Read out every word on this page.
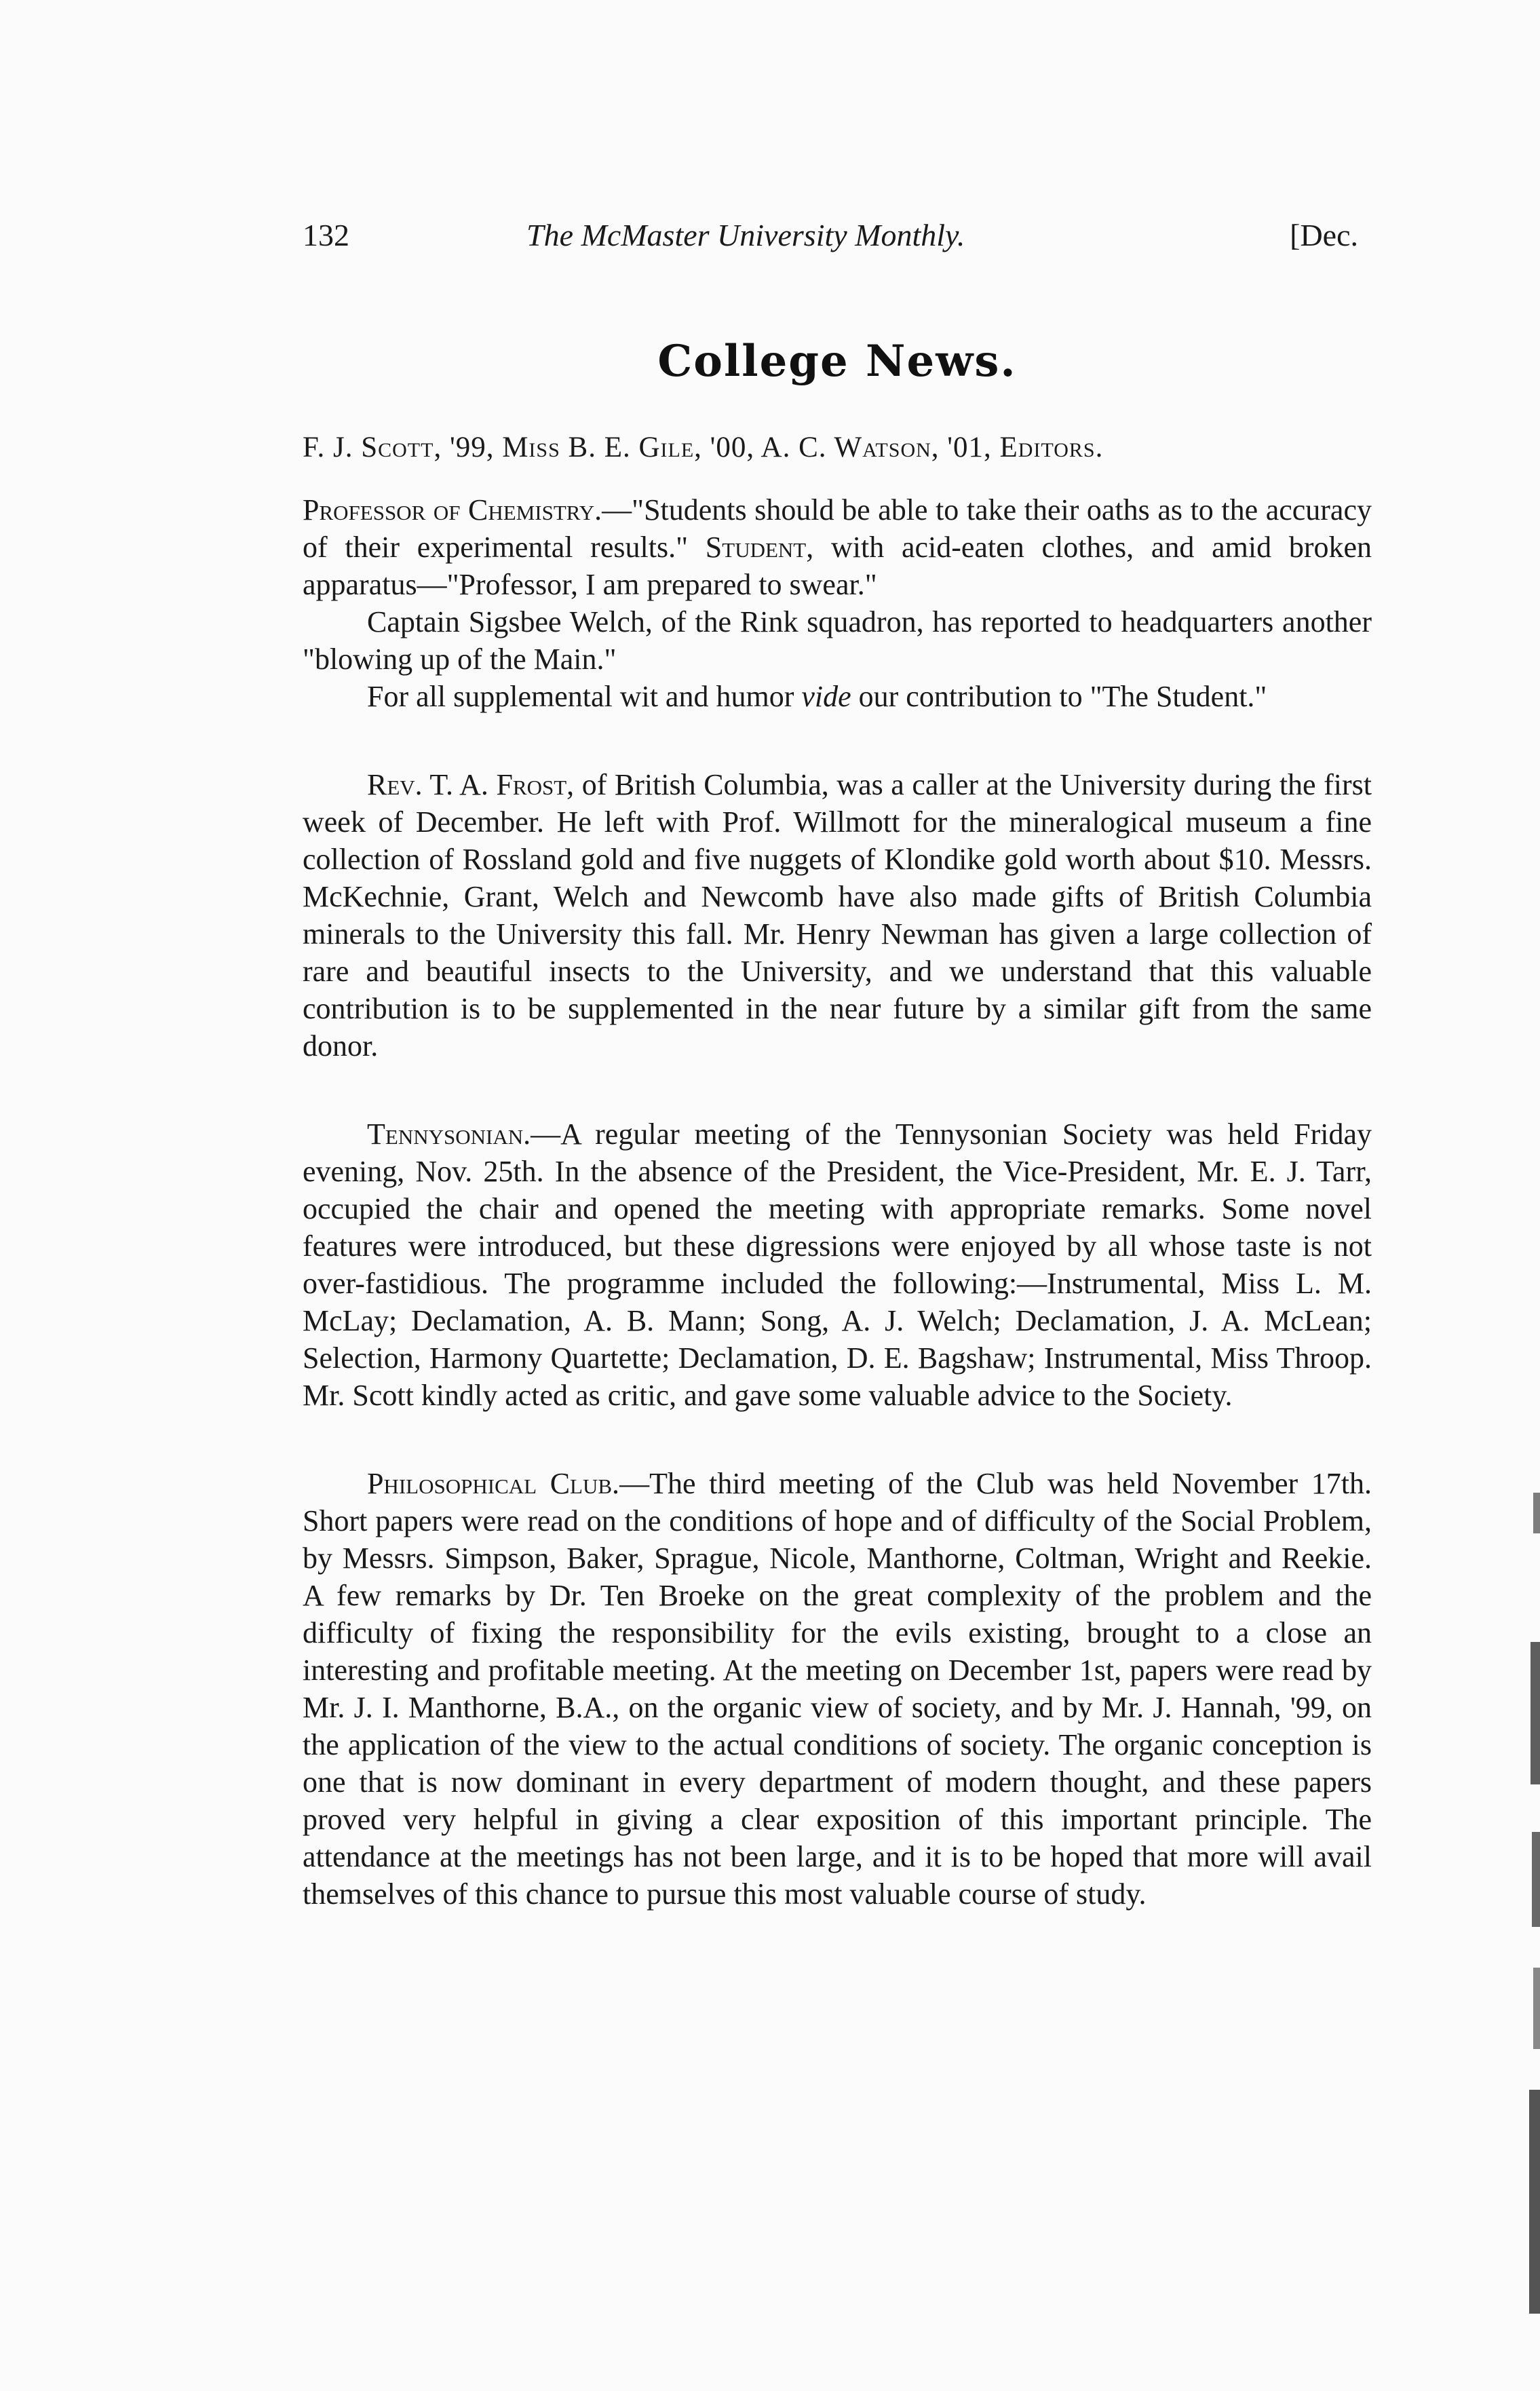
132	The McMaster University Monthly.	[Dec.
College News.
F. J. Scott, '99, Miss B. E. Gile, '00, A. C. Watson, '01, Editors.

Professor of Chemistry.—"Students should be able to take their oaths as to the accuracy of their experimental results." Student, with acid-eaten clothes, and amid broken apparatus—"Professor, I am prepared to swear."

Captain Sigsbee Welch, of the Rink squadron, has reported to headquarters another "blowing up of the Main."

For all supplemental wit and humor vide our contribution to "The Student."

Rev. T. A. Frost, of British Columbia, was a caller at the University during the first week of December. He left with Prof. Willmott for the mineralogical museum a fine collection of Rossland gold and five nuggets of Klondike gold worth about $10. Messrs. McKechnie, Grant, Welch and Newcomb have also made gifts of British Columbia minerals to the University this fall. Mr. Henry Newman has given a large collection of rare and beautiful insects to the University, and we understand that this valuable contribution is to be supplemented in the near future by a similar gift from the same donor.

Tennysonian.—A regular meeting of the Tennysonian Society was held Friday evening, Nov. 25th. In the absence of the President, the Vice-President, Mr. E. J. Tarr, occupied the chair and opened the meeting with appropriate remarks. Some novel features were introduced, but these digressions were enjoyed by all whose taste is not over-fastidious. The programme included the following:—Instrumental, Miss L. M. McLay; Declamation, A. B. Mann; Song, A. J. Welch; Declamation, J. A. McLean; Selection, Harmony Quartette; Declamation, D. E. Bagshaw; Instrumental, Miss Throop. Mr. Scott kindly acted as critic, and gave some valuable advice to the Society.

Philosophical Club.—The third meeting of the Club was held November 17th. Short papers were read on the conditions of hope and of difficulty of the Social Problem, by Messrs. Simpson, Baker, Sprague, Nicole, Manthorne, Coltman, Wright and Reekie. A few remarks by Dr. Ten Broeke on the great complexity of the problem and the difficulty of fixing the responsibility for the evils existing, brought to a close an interesting and profitable meeting. At the meeting on December 1st, papers were read by Mr. J. I. Manthorne, B.A., on the organic view of society, and by Mr. J. Hannah, '99, on the application of the view to the actual conditions of society. The organic conception is one that is now dominant in every department of modern thought, and these papers proved very helpful in giving a clear exposition of this important principle. The attendance at the meetings has not been large, and it is to be hoped that more will avail themselves of this chance to pursue this most valuable course of study.
